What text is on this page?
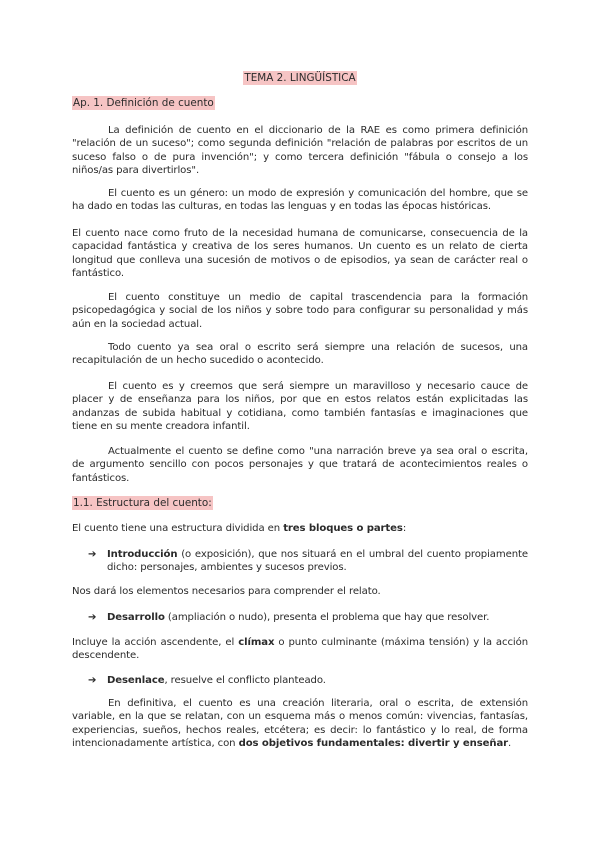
TEMA 2. LINGÜÍSTICA
Ap. 1. Definición de cuento

La definición de cuento en el diccionario de la RAE es como primera definición "relación de un suceso"; como segunda definición "relación de palabras por escritos de un suceso falso o de pura invención"; y como tercera definición "fábula o consejo a los niños/as para divertirlos".

El cuento es un género: un modo de expresión y comunicación del hombre, que se ha dado en todas las culturas, en todas las lenguas y en todas las épocas históricas.

El cuento nace como fruto de la necesidad humana de comunicarse, consecuencia de la capacidad fantástica y creativa de los seres humanos. Un cuento es un relato de cierta longitud que conlleva una sucesión de motivos o de episodios, ya sean de carácter real o fantástico.

El cuento constituye un medio de capital trascendencia para la formación psicopedagógica y social de los niños y sobre todo para configurar su personalidad y más aún en la sociedad actual.

Todo cuento ya sea oral o escrito será siempre una relación de sucesos, una recapitulación de un hecho sucedido o acontecido.

El cuento es y creemos que será siempre un maravilloso y necesario cauce de placer y de enseñanza para los niños, por que en estos relatos están explicitadas las andanzas de subida habitual y cotidiana, como también fantasías e imaginaciones que tiene en su mente creadora infantil.

Actualmente el cuento se define como "una narración breve ya sea oral o escrita, de argumento sencillo con pocos personajes y que tratará de acontecimientos reales o fantásticos.

1.1. Estructura del cuento:

El cuento tiene una estructura dividida en tres bloques o partes:

➔	Introducción (o exposición), que nos situará en el umbral del cuento propiamente dicho: personajes, ambientes y sucesos previos.

Nos dará los elementos necesarios para comprender el relato.

➔	Desarrollo (ampliación o nudo), presenta el problema que hay que resolver.

Incluye la acción ascendente, el clímax o punto culminante (máxima tensión) y la acción descendente.

➔	Desenlace, resuelve el conflicto planteado.

En definitiva, el cuento es una creación literaria, oral o escrita, de extensión variable, en la que se relatan, con un esquema más o menos común: vivencias, fantasías, experiencias, sueños, hechos reales, etcétera; es decir: lo fantástico y lo real, de forma intencionadamente artística, con dos objetivos fundamentales: divertir y enseñar.
